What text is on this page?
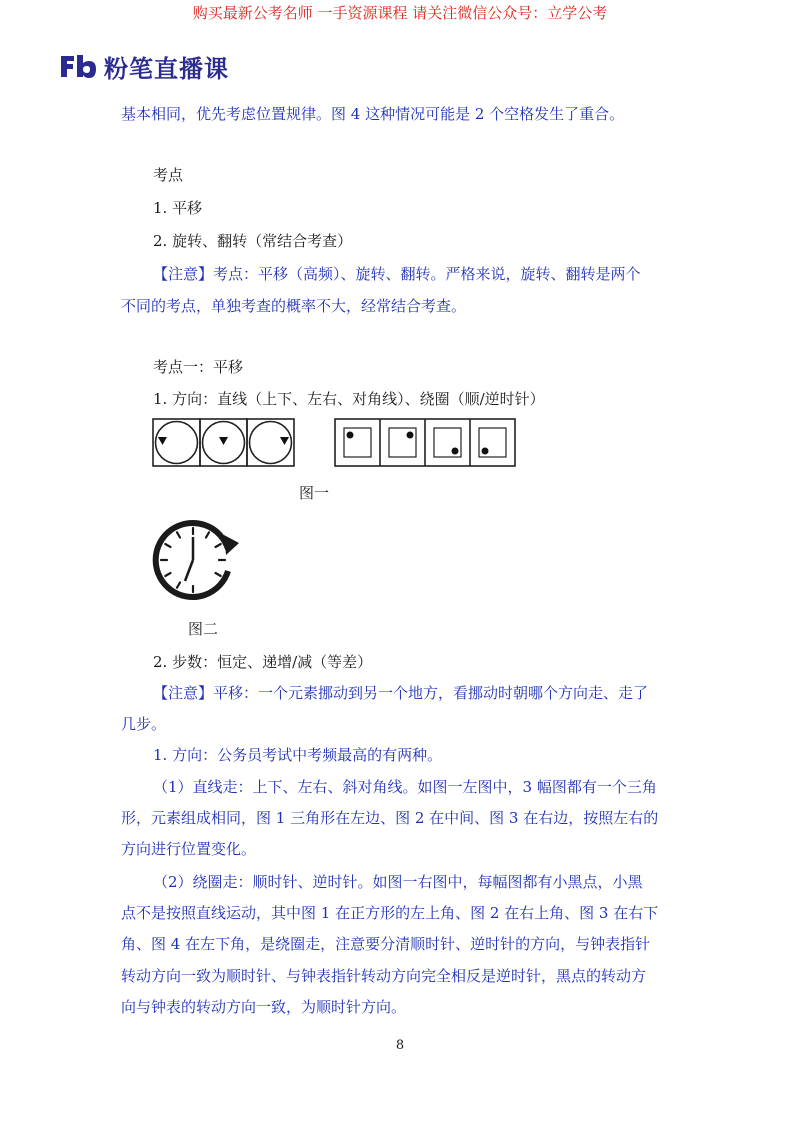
购买最新公考名师 一手资源课程 请关注微信公众号：立学公考
粉笔直播课
基本相同，优先考虑位置规律。图 4 这种情况可能是 2 个空格发生了重合。
考点
1. 平移
2. 旋转、翻转（常结合考查）
【注意】考点：平移（高频）、旋转、翻转。严格来说，旋转、翻转是两个
不同的考点，单独考查的概率不大，经常结合考查。
考点一：平移
1. 方向：直线（上下、左右、对角线）、绕圈（顺/逆时针）
图一
图二
2. 步数：恒定、递增/减（等差）
【注意】平移：一个元素挪动到另一个地方，看挪动时朝哪个方向走、走了
几步。
1. 方向：公务员考试中考频最高的有两种。
（1）直线走：上下、左右、斜对角线。如图一左图中，3 幅图都有一个三角
形，元素组成相同，图 1 三角形在左边、图 2 在中间、图 3 在右边，按照左右的
方向进行位置变化。
（2）绕圈走：顺时针、逆时针。如图一右图中，每幅图都有小黑点，小黑
点不是按照直线运动，其中图 1 在正方形的左上角、图 2 在右上角、图 3 在右下
角、图 4 在左下角，是绕圈走，注意要分清顺时针、逆时针的方向，与钟表指针
转动方向一致为顺时针、与钟表指针转动方向完全相反是逆时针，黑点的转动方
向与钟表的转动方向一致，为顺时针方向。
8
